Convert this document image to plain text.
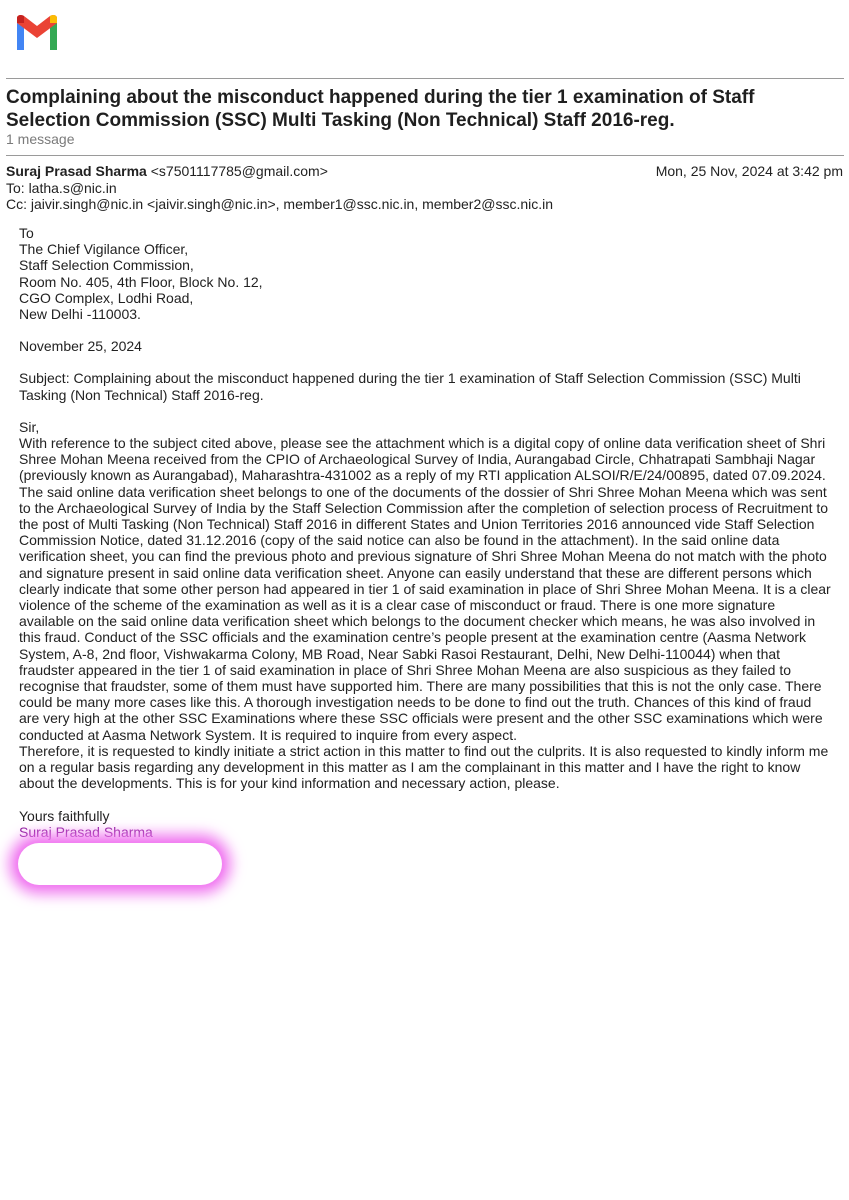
Complaining about the misconduct happened during the tier 1 examination of Staff Selection Commission (SSC) Multi Tasking (Non Technical) Staff 2016-reg.
1 message
Suraj Prasad Sharma <s7501117785@gmail.com>	Mon, 25 Nov, 2024 at 3:42 pm
To: latha.s@nic.in
Cc: jaivir.singh@nic.in <jaivir.singh@nic.in>, member1@ssc.nic.in, member2@ssc.nic.in

To

The Chief Vigilance Officer,

Staff Selection Commission,

Room No. 405, 4th Floor, Block No. 12,

CGO Complex, Lodhi Road,

New Delhi -110003.

November 25, 2024

Subject: Complaining about the misconduct happened during the tier 1 examination of Staff Selection Commission (SSC) Multi Tasking (Non Technical) Staff 2016-reg.

Sir,

With reference to the subject cited above, please see the attachment which is a digital copy of online data verification sheet of Shri Shree Mohan Meena received from the CPIO of Archaeological Survey of India, Aurangabad Circle, Chhatrapati Sambhaji Nagar (previously known as Aurangabad), Maharashtra-431002 as a reply of my RTI application ALSOI/R/E/24/00895, dated 07.09.2024. The said online data verification sheet belongs to one of the documents of the dossier of Shri Shree Mohan Meena which was sent to the Archaeological Survey of India by the Staff Selection Commission after the completion of selection process of Recruitment to the post of Multi Tasking (Non Technical) Staff 2016 in different States and Union Territories 2016 announced vide Staff Selection Commission Notice, dated 31.12.2016 (copy of the said notice can also be found in the attachment). In the said online data verification sheet, you can find the previous photo and previous signature of Shri Shree Mohan Meena do not match with the photo and signature present in said online data verification sheet. Anyone can easily understand that these are different persons which clearly indicate that some other person had appeared in tier 1 of said examination in place of Shri Shree Mohan Meena. It is a clear violence of the scheme of the examination as well as it is a clear case of misconduct or fraud. There is one more signature available on the said online data verification sheet which belongs to the document checker which means, he was also involved in this fraud. Conduct of the SSC officials and the examination centre’s people present at the examination centre (Aasma Network System, A-8, 2nd floor, Vishwakarma Colony, MB Road, Near Sabki Rasoi Restaurant, Delhi, New Delhi-110044) when that fraudster appeared in the tier 1 of said examination in place of Shri Shree Mohan Meena are also suspicious as they failed to recognise that fraudster, some of them must have supported him. There are many possibilities that this is not the only case. There could be many more cases like this. A thorough investigation needs to be done to find out the truth. Chances of this kind of fraud are very high at the other SSC Examinations where these SSC officials were present and the other SSC examinations which were conducted at Aasma Network System. It is required to inquire from every aspect.

Therefore, it is requested to kindly initiate a strict action in this matter to find out the culprits. It is also requested to kindly inform me on a regular basis regarding any development in this matter as I am the complainant in this matter and I have the right to know about the developments. This is for your kind information and necessary action, please.

Yours faithfully

Suraj Prasad Sharma
